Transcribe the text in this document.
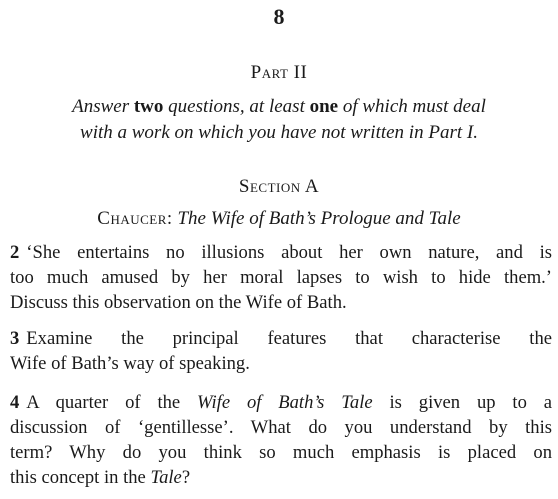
8
Part II
Answer two questions, at least one of which must deal
with a work on which you have not written in Part I.
Section A
Chaucer: The Wife of Bath’s Prologue and Tale
2 ‘She entertains no illusions about her own nature, and is
too much amused by her moral lapses to wish to hide them.’
Discuss this observation on the Wife of Bath.
3 Examine the principal features that characterise the
Wife of Bath’s way of speaking.
4 A quarter of the Wife of Bath’s Tale is given up to a
discussion of ‘gentillesse’. What do you understand by this
term? Why do you think so much emphasis is placed on
this concept in the Tale?
